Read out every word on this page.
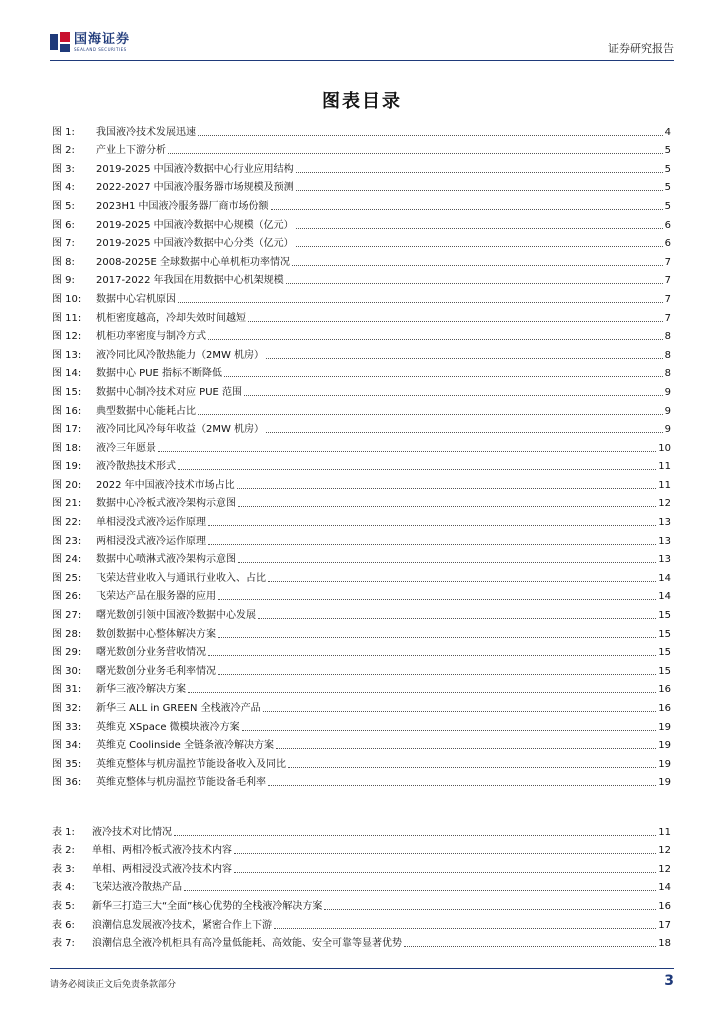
国海证券
SEALAND SECURITIES	证券研究报告
图表目录
图 1:	我国液冷技术发展迅速	4
图 2:	产业上下游分析	5
图 3:	2019-2025 中国液冷数据中心行业应用结构	5
图 4:	2022-2027 中国液冷服务器市场规模及预测	5
图 5:	2023H1 中国液冷服务器厂商市场份额	5
图 6:	2019-2025 中国液冷数据中心规模（亿元）	6
图 7:	2019-2025 中国液冷数据中心分类（亿元）	6
图 8:	2008-2025E 全球数据中心单机柜功率情况	7
图 9:	2017-2022 年我国在用数据中心机架规模	7
图 10:	数据中心宕机原因	7
图 11:	机柜密度越高，冷却失效时间越短	7
图 12:	机柜功率密度与制冷方式	8
图 13:	液冷同比风冷散热能力（2MW 机房）	8
图 14:	数据中心 PUE 指标不断降低	8
图 15:	数据中心制冷技术对应 PUE 范围	9
图 16:	典型数据中心能耗占比	9
图 17:	液冷同比风冷每年收益（2MW 机房）	9
图 18:	液冷三年愿景	10
图 19:	液冷散热技术形式	11
图 20:	2022 年中国液冷技术市场占比	11
图 21:	数据中心冷板式液冷架构示意图	12
图 22:	单相浸没式液冷运作原理	13
图 23:	两相浸没式液冷运作原理	13
图 24:	数据中心喷淋式液冷架构示意图	13
图 25:	飞荣达营业收入与通讯行业收入、占比	14
图 26:	飞荣达产品在服务器的应用	14
图 27:	曙光数创引领中国液冷数据中心发展	15
图 28:	数创数据中心整体解决方案	15
图 29:	曙光数创分业务营收情况	15
图 30:	曙光数创分业务毛利率情况	15
图 31:	新华三液冷解决方案	16
图 32:	新华三 ALL in GREEN 全栈液冷产品	16
图 33:	英维克 XSpace 微模块液冷方案	19
图 34:	英维克 Coolinside 全链条液冷解决方案	19
图 35:	英维克整体与机房温控节能设备收入及同比	19
图 36:	英维克整体与机房温控节能设备毛利率	19
表 1:	液冷技术对比情况	11
表 2:	单相、两相冷板式液冷技术内容	12
表 3:	单相、两相浸没式液冷技术内容	12
表 4:	飞荣达液冷散热产品	14
表 5:	新华三打造三大“全面”核心优势的全栈液冷解决方案	16
表 6:	浪潮信息发展液冷技术，紧密合作上下游	17
表 7:	浪潮信息全液冷机柜具有高冷量低能耗、高效能、安全可靠等显著优势	18
请务必阅读正文后免责条款部分	3
